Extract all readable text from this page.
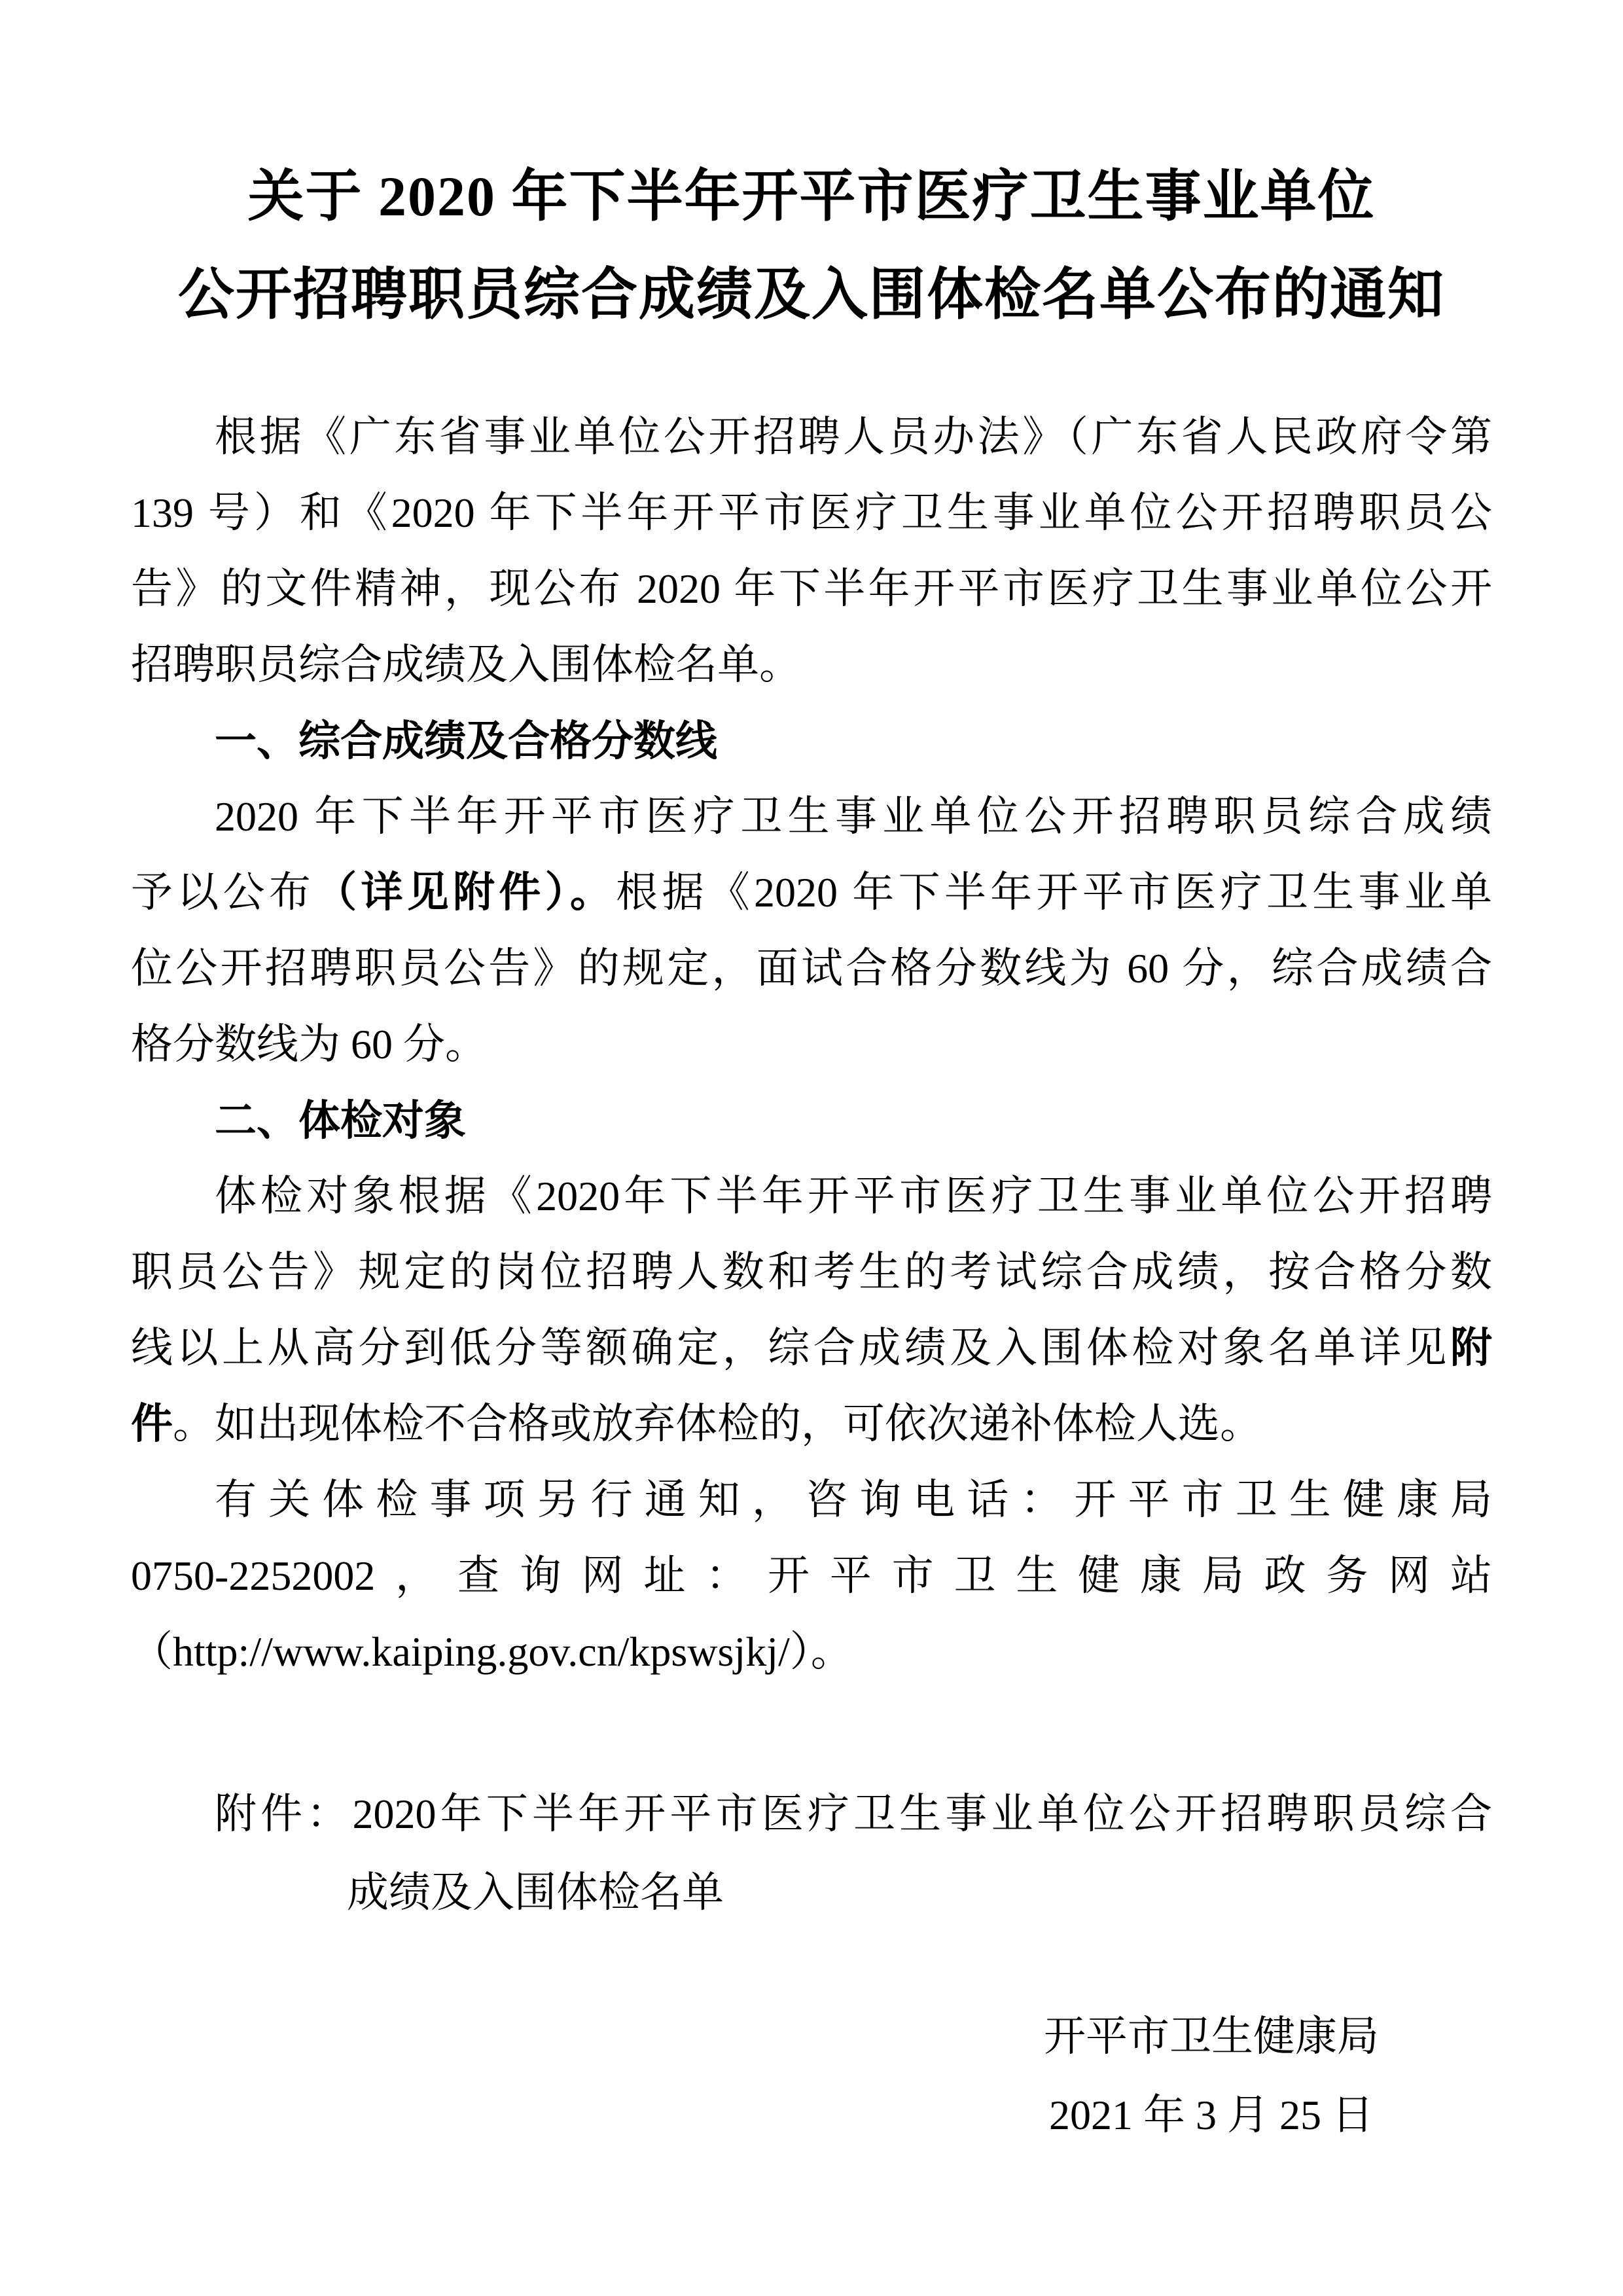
关于 2020 年下半年开平市医疗卫生事业单位
公开招聘职员综合成绩及入围体检名单公布的通知
根据《广东省事业单位公开招聘人员办法》（广东省人民政府令第
139 号）和《2020 年下半年开平市医疗卫生事业单位公开招聘职员公
告》的文件精神，现公布 2020 年下半年开平市医疗卫生事业单位公开
招聘职员综合成绩及入围体检名单。
一、综合成绩及合格分数线
2020 年下半年开平市医疗卫生事业单位公开招聘职员综合成绩
予以公布（详见附件）。根据《2020 年下半年开平市医疗卫生事业单
位公开招聘职员公告》的规定，面试合格分数线为 60 分，综合成绩合
格分数线为 60 分。
二、体检对象
体检对象根据《2020年下半年开平市医疗卫生事业单位公开招聘
职员公告》规定的岗位招聘人数和考生的考试综合成绩，按合格分数
线以上从高分到低分等额确定，综合成绩及入围体检对象名单详见附
件。如出现体检不合格或放弃体检的，可依次递补体检人选。
有关体检事项另行通知，咨询电话：开平市卫生健康局
0750-2252002，查询网址：开平市卫生健康局政务网站
（http://www.kaiping.gov.cn/kpswsjkj/）。
附件：2020年下半年开平市医疗卫生事业单位公开招聘职员综合
成绩及入围体检名单
开平市卫生健康局
2021 年 3 月 25 日
